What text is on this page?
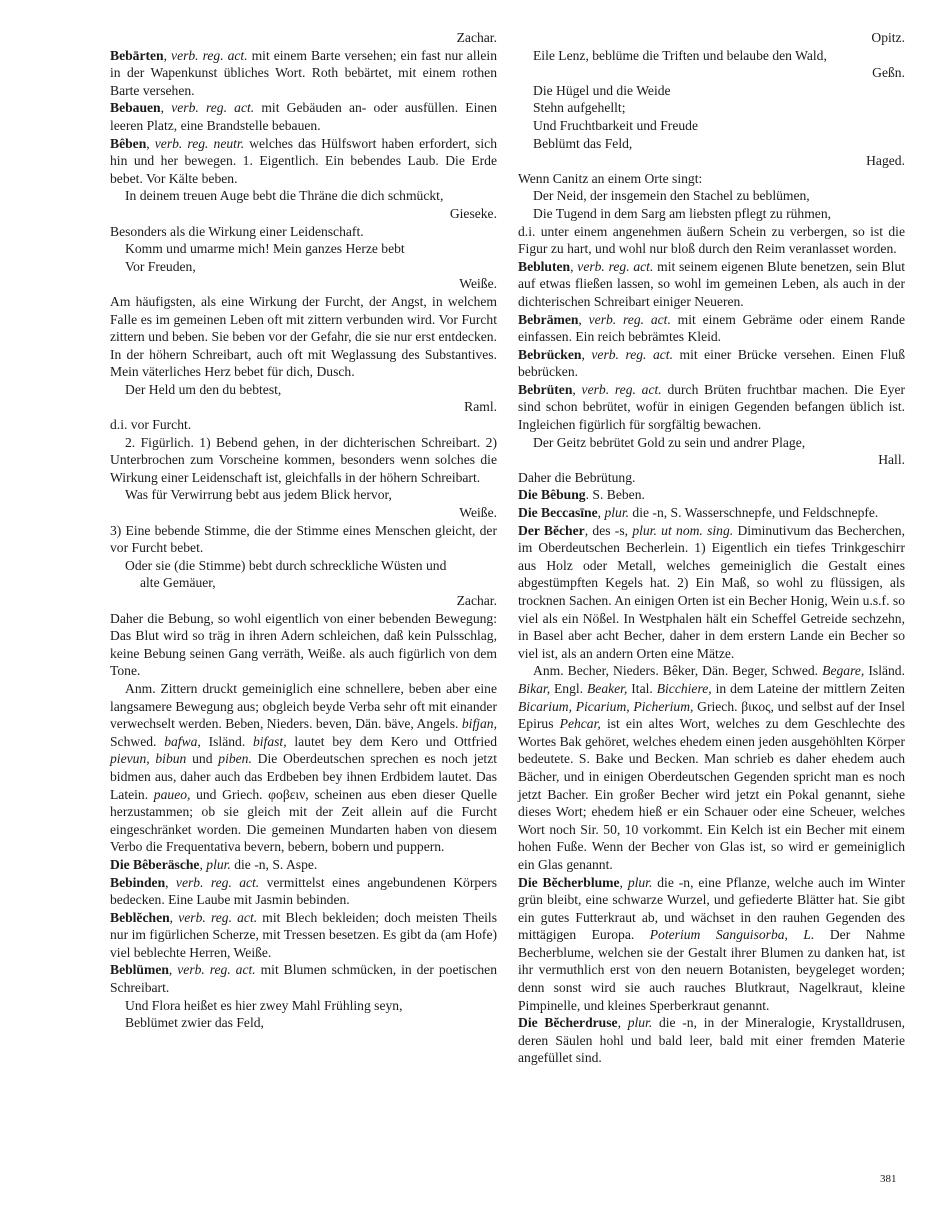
Zachar.

Bebārten, verb. reg. act. mit einem Barte versehen; ein fast nur allein in der Wapenkunst übliches Wort. Roth bebärtet, mit einem rothen Barte versehen.

Bebauen, verb. reg. act. mit Gebäuden an- oder ausfüllen. Einen leeren Platz, eine Brandstelle bebauen.

Bêben, verb. reg. neutr. welches das Hülfswort haben erfordert, sich hin und her bewegen. 1. Eigentlich. Ein bebendes Laub. Die Erde bebet. Vor Kälte beben.

In deinem treuen Auge bebt die Thräne die dich schmückt,

Gieseke.

Besonders als die Wirkung einer Leidenschaft.

Komm und umarme mich! Mein ganzes Herze bebt

Vor Freuden,

Weiße.

Am häufigsten, als eine Wirkung der Furcht, der Angst, in welchem Falle es im gemeinen Leben oft mit zittern verbunden wird. Vor Furcht zittern und beben. Sie beben vor der Gefahr, die sie nur erst entdecken. In der höhern Schreibart, auch oft mit Weglassung des Substantives. Mein väterliches Herz bebet für dich, Dusch.

Der Held um den du bebtest,

Raml.

d.i. vor Furcht.

2. Figürlich. 1) Bebend gehen, in der dichterischen Schreibart. 2) Unterbrochen zum Vorscheine kommen, besonders wenn solches die Wirkung einer Leidenschaft ist, gleichfalls in der höhern Schreibart.

Was für Verwirrung bebt aus jedem Blick hervor,

Weiße.

3) Eine bebende Stimme, die der Stimme eines Menschen gleicht, der vor Furcht bebet.

Oder sie (die Stimme) bebt durch schreckliche Wüsten und

alte Gemäuer,

Zachar.

Daher die Bebung, so wohl eigentlich von einer bebenden Bewegung: Das Blut wird so träg in ihren Adern schleichen, daß kein Pulsschlag, keine Bebung seinen Gang verräth, Weiße. als auch figürlich von dem Tone.

Anm. Zittern druckt gemeiniglich eine schnellere, beben aber eine langsamere Bewegung aus; obgleich beyde Verba sehr oft mit einander verwechselt werden. Beben, Nieders. beven, Dän. bäve, Angels. bifjan, Schwed. bafwa, Isländ. bifast, lautet bey dem Kero und Ottfried pievun, bibun und piben. Die Oberdeutschen sprechen es noch jetzt bidmen aus, daher auch das Erdbeben bey ihnen Erdbidem lautet. Das Latein. paueo, und Griech. φοβειν, scheinen aus eben dieser Quelle herzustammen; ob sie gleich mit der Zeit allein auf die Furcht eingeschränket worden. Die gemeinen Mundarten haben von diesem Verbo die Frequentativa bevern, bebern, bobern und puppern.

Die Bêberäsche, plur. die -n, S. Aspe.

Bebinden, verb. reg. act. vermittelst eines angebundenen Körpers bedecken. Eine Laube mit Jasmin bebinden.

Beblĕchen, verb. reg. act. mit Blech bekleiden; doch meisten Theils nur im figürlichen Scherze, mit Tressen besetzen. Es gibt da (am Hofe) viel beblechte Herren, Weiße.

Beblümen, verb. reg. act. mit Blumen schmücken, in der poetischen Schreibart.

Und Flora heißet es hier zwey Mahl Frühling seyn,

Beblümet zwier das Feld,

Opitz.

Eile Lenz, beblüme die Triften und belaube den Wald,

Geßn.

Die Hügel und die Weide

Stehn aufgehellt;

Und Fruchtbarkeit und Freude

Beblümt das Feld,

Haged.

Wenn Canitz an einem Orte singt:

Der Neid, der insgemein den Stachel zu beblümen,

Die Tugend in dem Sarg am liebsten pflegt zu rühmen,

d.i. unter einem angenehmen äußern Schein zu verbergen, so ist die Figur zu hart, und wohl nur bloß durch den Reim veranlasset worden.

Bebluten, verb. reg. act. mit seinem eigenen Blute benetzen, sein Blut auf etwas fließen lassen, so wohl im gemeinen Leben, als auch in der dichterischen Schreibart einiger Neueren.

Bebrämen, verb. reg. act. mit einem Gebräme oder einem Rande einfassen. Ein reich bebrämtes Kleid.

Bebrücken, verb. reg. act. mit einer Brücke versehen. Einen Fluß bebrücken.

Bebrüten, verb. reg. act. durch Brüten fruchtbar machen. Die Eyer sind schon bebrütet, wofür in einigen Gegenden befangen üblich ist. Ingleichen figürlich für sorgfältig bewachen.

Der Geitz bebrütet Gold zu sein und andrer Plage,

Hall.

Daher die Bebrütung.

Die Bêbung. S. Beben.

Die Beccasīne, plur. die -n, S. Wasserschnepfe, und Feldschnepfe.

Der Bĕcher, des -s, plur. ut nom. sing. Diminutivum das Becherchen, im Oberdeutschen Becherlein. 1) Eigentlich ein tiefes Trinkgeschirr aus Holz oder Metall, welches gemeiniglich die Gestalt eines abgestümpften Kegels hat. 2) Ein Maß, so wohl zu flüssigen, als trocknen Sachen. An einigen Orten ist ein Becher Honig, Wein u.s.f. so viel als ein Nößel. In Westphalen hält ein Scheffel Getreide sechzehn, in Basel aber acht Becher, daher in dem erstern Lande ein Becher so viel ist, als an andern Orten eine Mätze.

Anm. Becher, Nieders. Bêker, Dän. Beger, Schwed. Begare, Isländ. Bikar, Engl. Beaker, Ital. Bicchiere, in dem Lateine der mittlern Zeiten Bicarium, Picarium, Picherium, Griech. βικος, und selbst auf der Insel Epirus Pehcar, ist ein altes Wort, welches zu dem Geschlechte des Wortes Bak gehöret, welches ehedem einen jeden ausgehöhlten Körper bedeutete. S. Bake und Becken. Man schrieb es daher ehedem auch Bächer, und in einigen Oberdeutschen Gegenden spricht man es noch jetzt Bacher. Ein großer Becher wird jetzt ein Pokal genannt, siehe dieses Wort; ehedem hieß er ein Schauer oder eine Scheuer, welches Wort noch Sir. 50, 10 vorkommt. Ein Kelch ist ein Becher mit einem hohen Fuße. Wenn der Becher von Glas ist, so wird er gemeiniglich ein Glas genannt.

Die Bĕcherblume, plur. die -n, eine Pflanze, welche auch im Winter grün bleibt, eine schwarze Wurzel, und gefiederte Blätter hat. Sie gibt ein gutes Futterkraut ab, und wächset in den rauhen Gegenden des mittägigen Europa. Poterium Sanguisorba, L. Der Nahme Becherblume, welchen sie der Gestalt ihrer Blumen zu danken hat, ist ihr vermuthlich erst von den neuern Botanisten, beygeleget worden; denn sonst wird sie auch rauches Blutkraut, Nagelkraut, kleine Pimpinelle, und kleines Sperberkraut genannt.

Die Bĕcherdruse, plur. die -n, in der Mineralogie, Krystalldrusen, deren Säulen hohl und bald leer, bald mit einer fremden Materie angefüllet sind.

381
